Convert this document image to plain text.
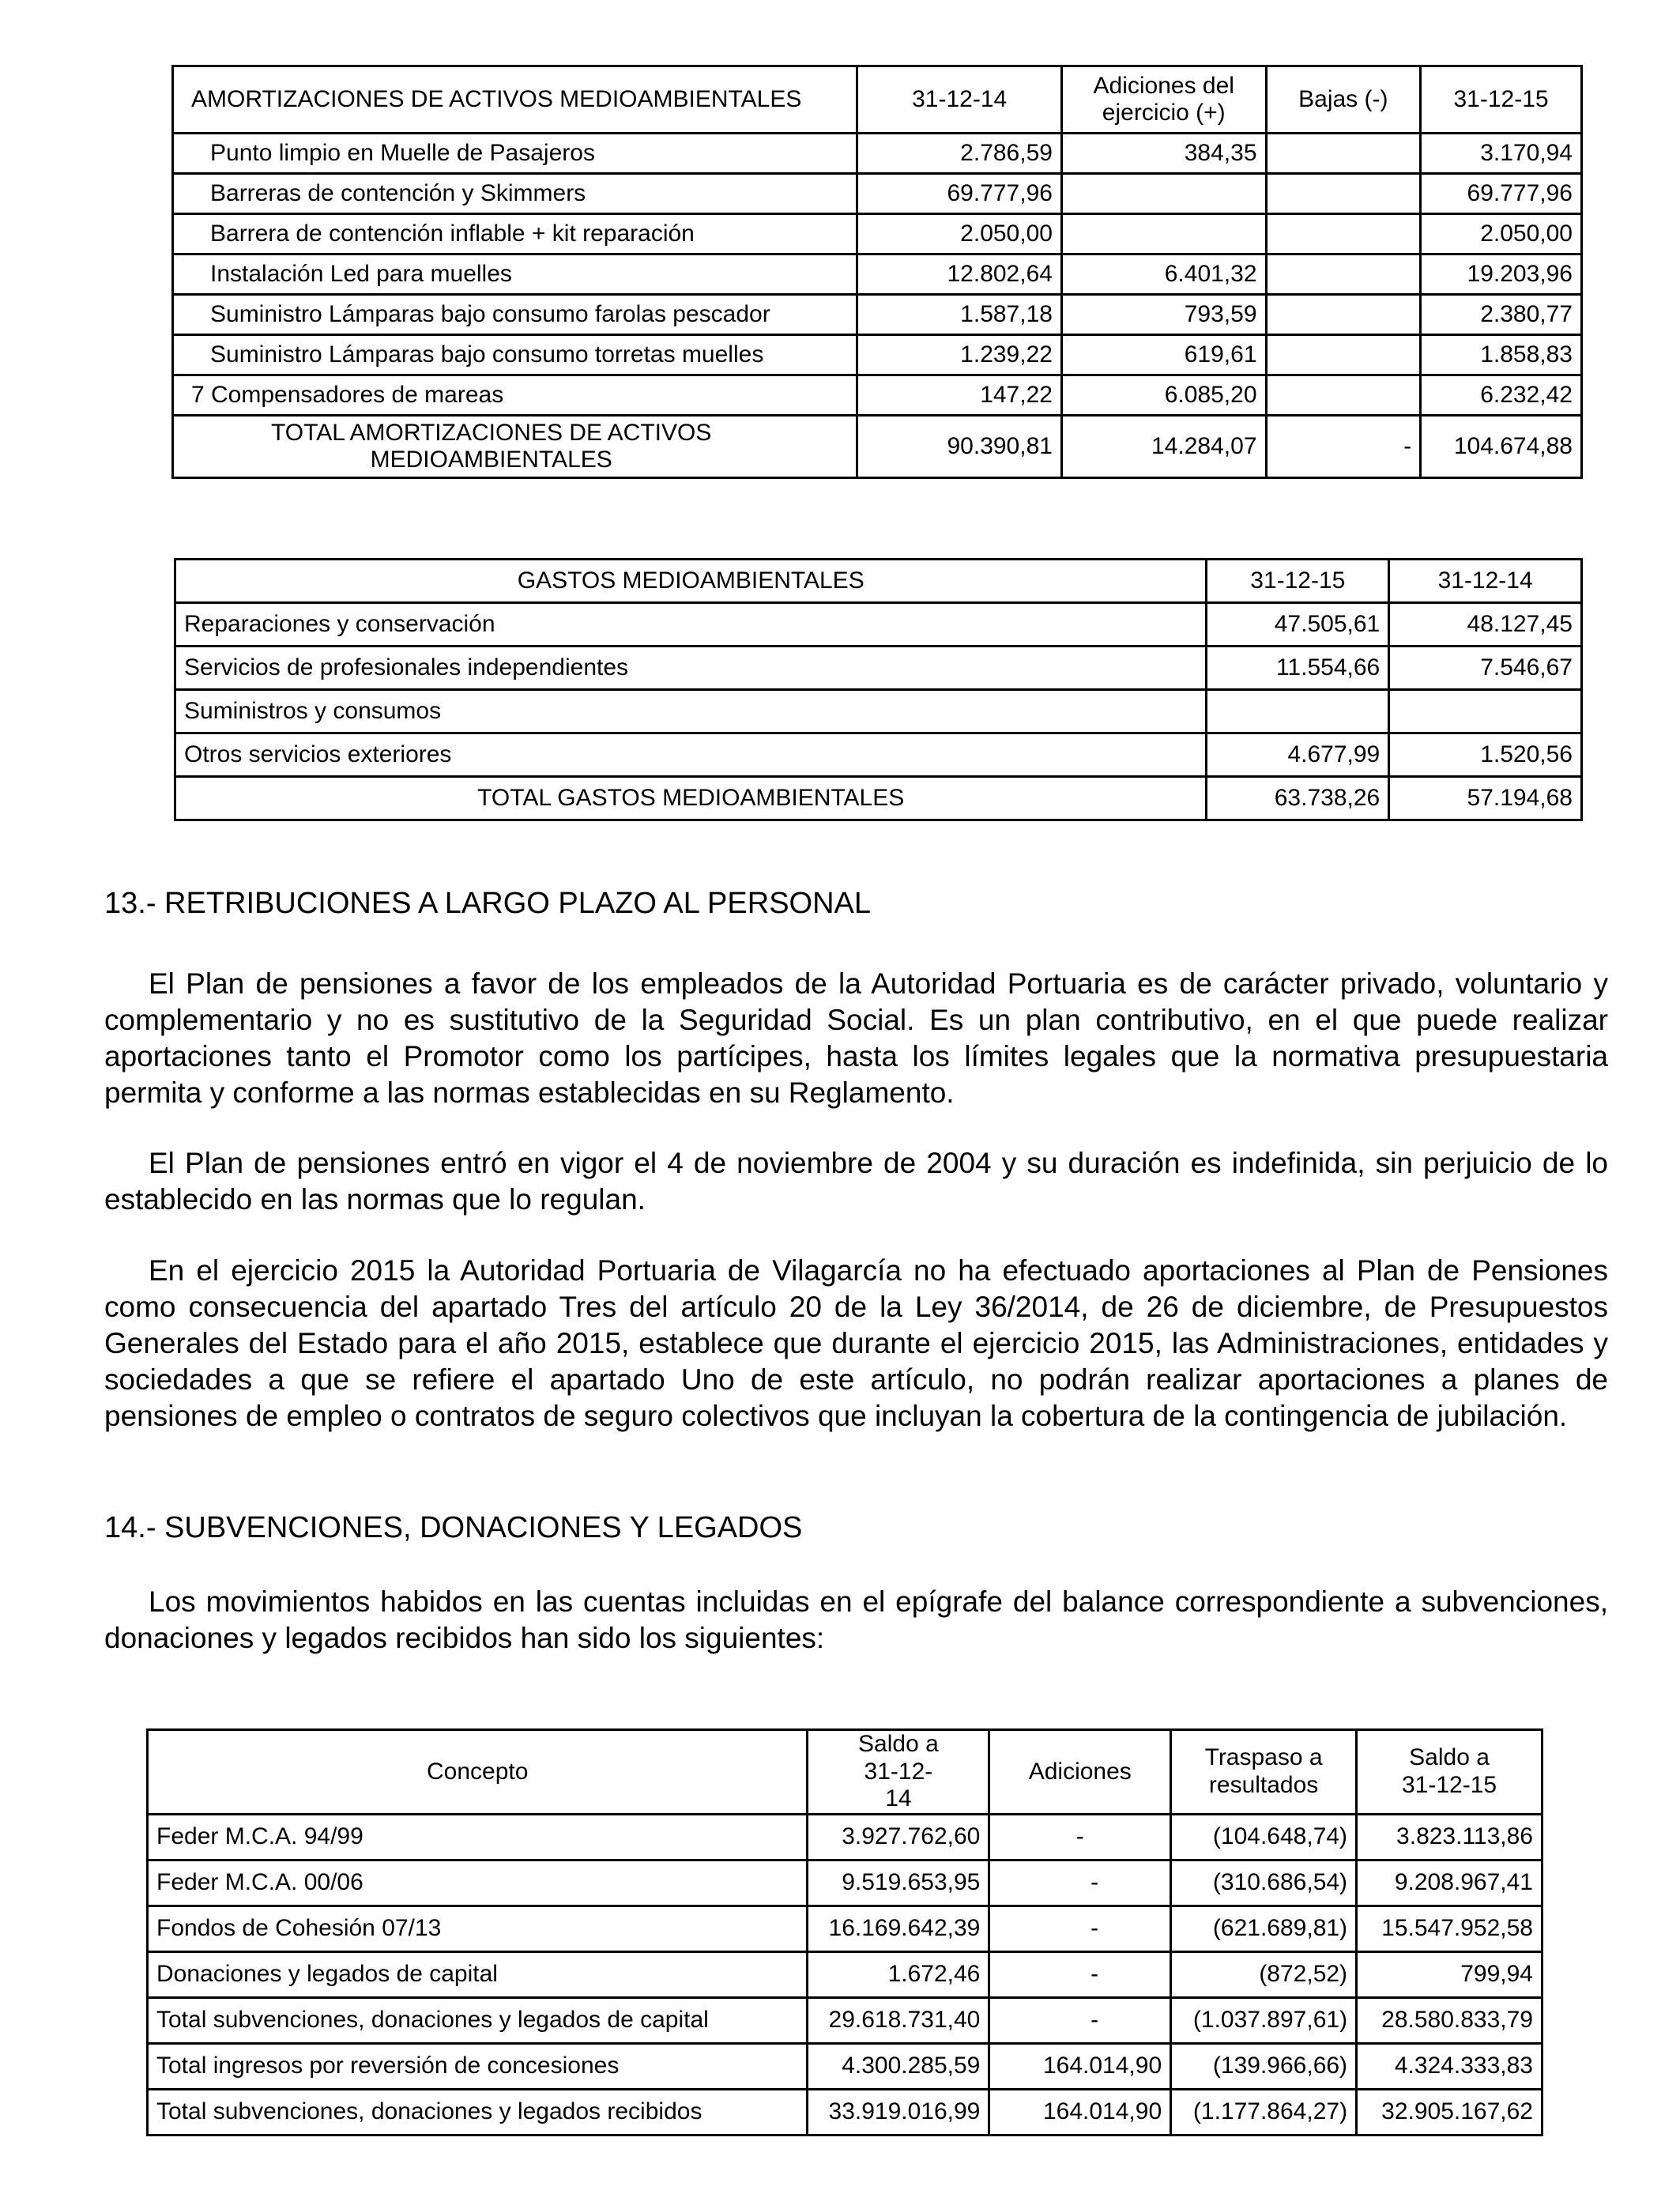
AMORTIZACIONES DE ACTIVOS MEDIOAMBIENTALES	31-12-14	Adiciones del ejercicio (+)	Bajas (-)	31-12-15
Punto limpio en Muelle de Pasajeros	2.786,59	384,35		3.170,94
Barreras de contención y Skimmers	69.777,96			69.777,96
Barrera de contención inflable + kit reparación	2.050,00			2.050,00
Instalación Led para muelles	12.802,64	6.401,32		19.203,96
Suministro Lámparas bajo consumo farolas pescador	1.587,18	793,59		2.380,77
Suministro Lámparas bajo consumo torretas muelles	1.239,22	619,61		1.858,83
7 Compensadores de mareas	147,22	6.085,20		6.232,42
TOTAL AMORTIZACIONES DE ACTIVOS MEDIOAMBIENTALES	90.390,81	14.284,07	-	104.674,88
GASTOS MEDIOAMBIENTALES	31-12-15	31-12-14
Reparaciones y conservación	47.505,61	48.127,45
Servicios de profesionales independientes	11.554,66	7.546,67
Suministros y consumos		
Otros servicios exteriores	4.677,99	1.520,56
TOTAL GASTOS MEDIOAMBIENTALES	63.738,26	57.194,68
13.- RETRIBUCIONES A LARGO PLAZO AL PERSONAL

El Plan de pensiones a favor de los empleados de la Autoridad Portuaria es de carácter privado, voluntario y complementario y no es sustitutivo de la Seguridad Social. Es un plan contributivo, en el que puede realizar aportaciones tanto el Promotor como los partícipes, hasta los límites legales que la normativa presupuestaria permita y conforme a las normas establecidas en su Reglamento.

El Plan de pensiones entró en vigor el 4 de noviembre de 2004 y su duración es indefinida, sin perjuicio de lo establecido en las normas que lo regulan.

En el ejercicio 2015 la Autoridad Portuaria de Vilagarcía no ha efectuado aportaciones al Plan de Pensiones como consecuencia del apartado Tres del artículo 20 de la Ley 36/2014, de 26 de diciembre, de Presupuestos Generales del Estado para el año 2015, establece que durante el ejercicio 2015, las Administraciones, entidades y sociedades a que se refiere el apartado Uno de este artículo, no podrán realizar aportaciones a planes de pensiones de empleo o contratos de seguro colectivos que incluyan la cobertura de la contingencia de jubilación.

14.- SUBVENCIONES, DONACIONES Y LEGADOS

Los movimientos habidos en las cuentas incluidas en el epígrafe del balance correspondiente a subvenciones, donaciones y legados recibidos han sido los siguientes:

Concepto	Saldo a 31-12-14	Adiciones	Traspaso a resultados	Saldo a 31-12-15
Feder M.C.A. 94/99	3.927.762,60	-	(104.648,74)	3.823.113,86
Feder M.C.A. 00/06	9.519.653,95	-	(310.686,54)	9.208.967,41
Fondos de Cohesión 07/13	16.169.642,39	-	(621.689,81)	15.547.952,58
Donaciones y legados de capital	1.672,46	-	(872,52)	799,94
Total subvenciones, donaciones y legados de capital	29.618.731,40	-	(1.037.897,61)	28.580.833,79
Total ingresos por reversión de concesiones	4.300.285,59	164.014,90	(139.966,66)	4.324.333,83
Total subvenciones, donaciones y legados recibidos	33.919.016,99	164.014,90	(1.177.864,27)	32.905.167,62
